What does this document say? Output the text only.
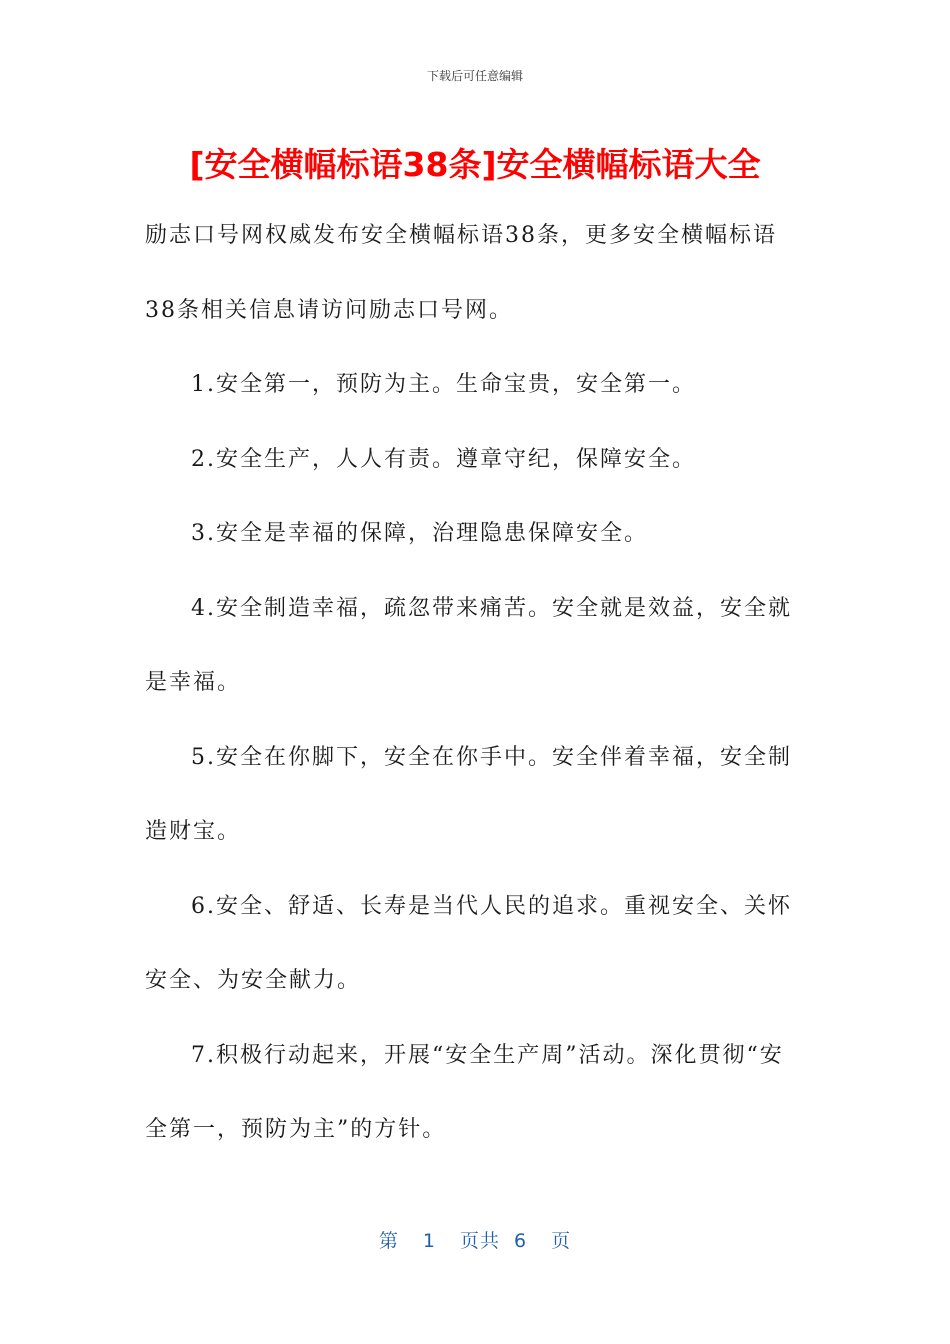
下载后可任意编辑
[安全横幅标语38条]安全横幅标语大全

励志口号网权威发布安全横幅标语38条，更多安全横幅标语38条相关信息请访问励志口号网。

1.安全第一，预防为主。生命宝贵，安全第一。

2.安全生产，人人有责。遵章守纪，保障安全。

3.安全是幸福的保障，治理隐患保障安全。

4.安全制造幸福，疏忽带来痛苦。安全就是效益，安全就是幸福。

5.安全在你脚下，安全在你手中。安全伴着幸福，安全制造财宝。

6.安全、舒适、长寿是当代人民的追求。重视安全、关怀安全、为安全献力。

7.积极行动起来，开展“安全生产周”活动。深化贯彻“安全第一，预防为主”的方针。

第 1 页共 6 页
